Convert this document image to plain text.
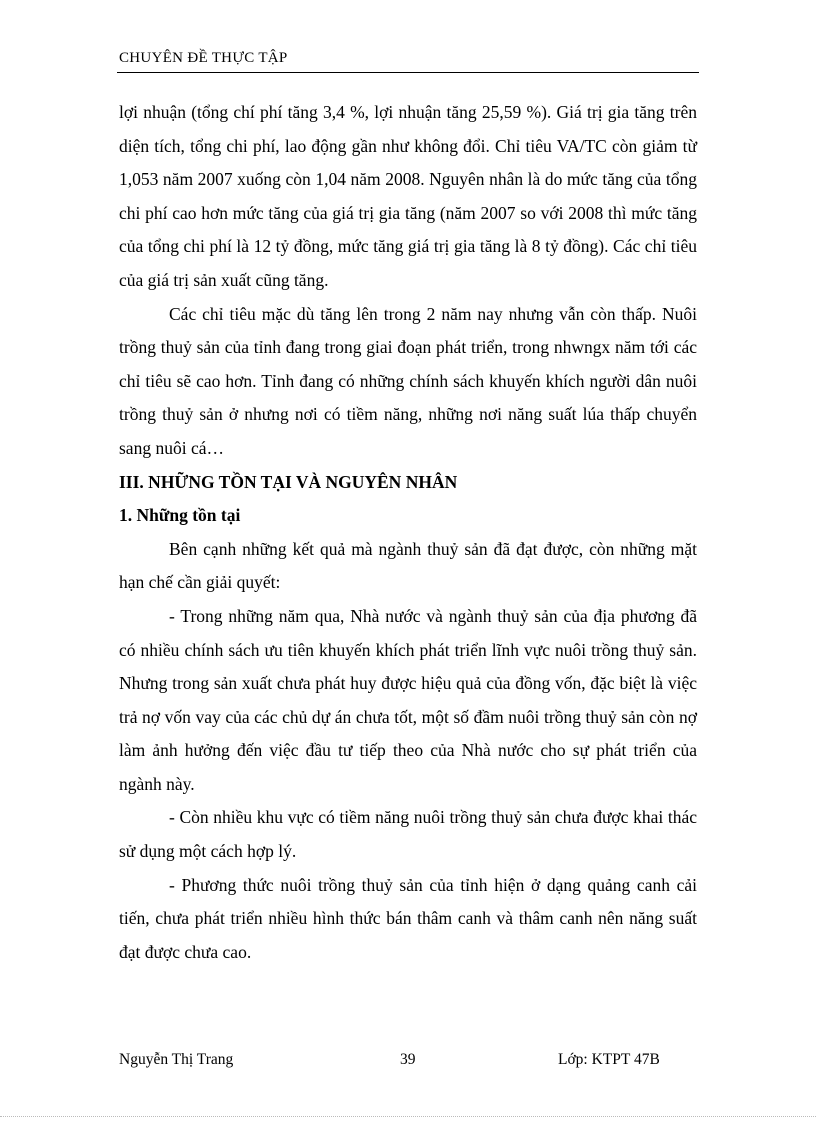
CHUYÊN ĐỀ THỰC TẬP

lợi nhuận (tổng chí phí tăng 3,4 %, lợi nhuận tăng 25,59 %). Giá trị gia tăng trên diện tích, tổng chi phí, lao động gần như không đổi. Chỉ tiêu VA/TC còn giảm từ 1,053 năm 2007 xuống còn 1,04 năm 2008. Nguyên nhân là do mức tăng của tổng chi phí cao hơn mức tăng của giá trị gia tăng (năm 2007 so với 2008 thì mức tăng của tổng chi phí là 12 tỷ đồng, mức tăng giá trị gia tăng là 8 tỷ đồng). Các chỉ tiêu của giá trị sản xuất cũng tăng.

Các chỉ tiêu mặc dù tăng lên trong 2 năm nay nhưng vẫn còn thấp. Nuôi trồng thuỷ sản của tỉnh đang trong giai đoạn phát triển, trong nhwngx năm tới các chỉ tiêu sẽ cao hơn. Tỉnh đang có những chính sách khuyến khích người dân nuôi trồng thuỷ sản ở nhưng nơi có tiềm năng, những nơi năng suất lúa thấp chuyển sang nuôi cá…

III. NHỮNG TỒN TẠI VÀ NGUYÊN NHÂN

1. Những tồn tại

Bên cạnh những kết quả mà ngành thuỷ sản đã đạt được, còn những mặt hạn chế cần giải quyết:

- Trong những năm qua, Nhà nước và ngành thuỷ sản của địa phương đã có nhiều chính sách ưu tiên khuyến khích phát triển lĩnh vực nuôi trồng thuỷ sản. Nhưng trong sản xuất chưa phát huy được hiệu quả của đồng vốn, đặc biệt là việc trả nợ vốn vay của các chủ dự án chưa tốt, một số đầm nuôi trồng thuỷ sản còn nợ làm ảnh hưởng đến việc đầu tư tiếp theo của Nhà nước cho sự phát triển của ngành này.

- Còn nhiều khu vực có tiềm năng nuôi trồng thuỷ sản chưa được khai thác sử dụng một cách hợp lý.

- Phương thức nuôi trồng thuỷ sản của tỉnh hiện ở dạng quảng canh cải tiến, chưa phát triển nhiều hình thức bán thâm canh và thâm canh nên năng suất đạt được chưa cao.

Nguyễn Thị Trang	39	Lớp: KTPT 47B
